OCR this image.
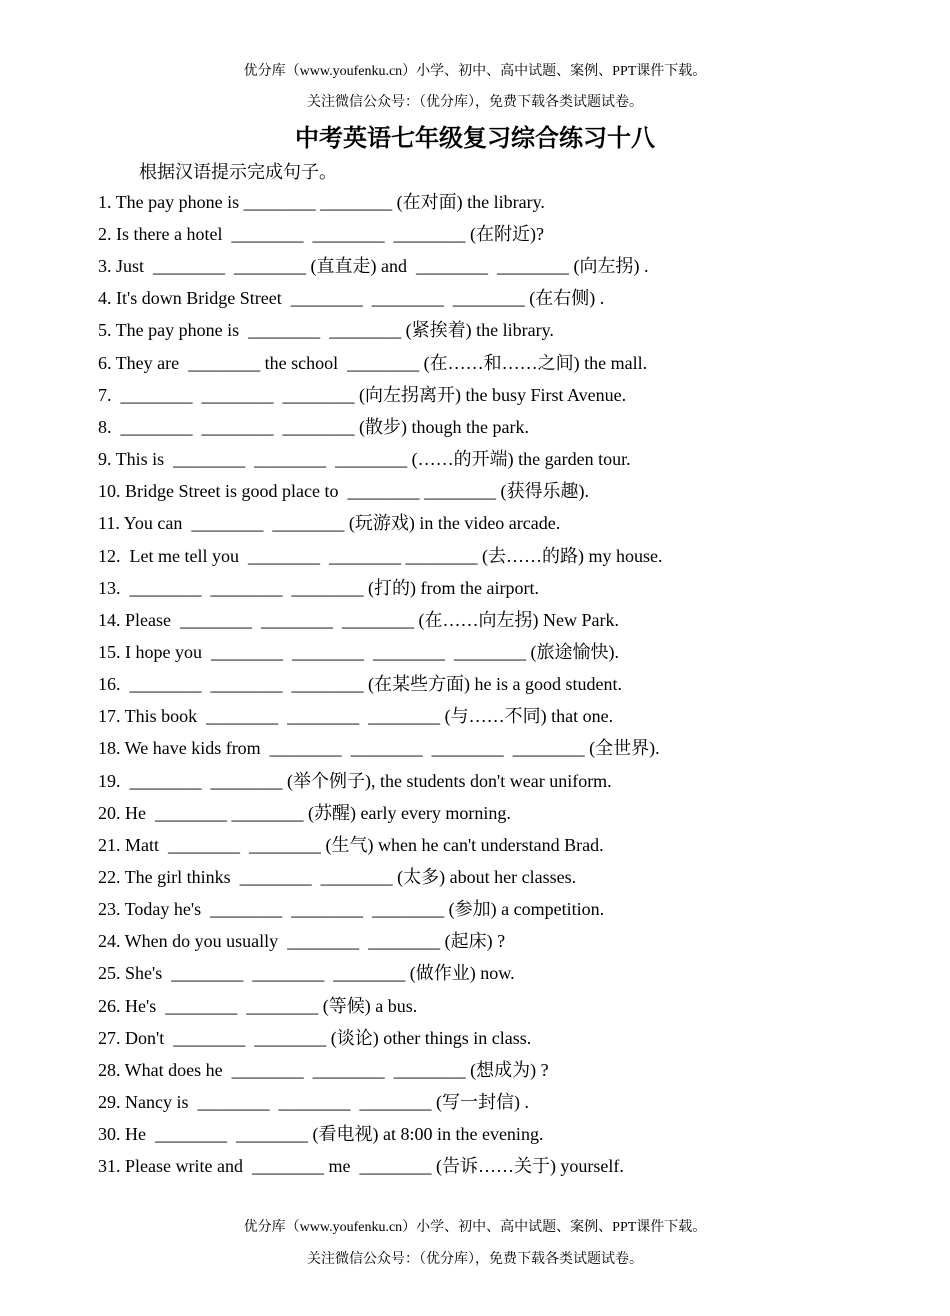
优分库（www.youfenku.cn）小学、初中、高中试题、案例、PPT课件下载。
关注微信公众号：（优分库），免费下载各类试题试卷。
中考英语七年级复习综合练习十八
根据汉语提示完成句子。
1. The pay phone is ________ ________ (在对面) the library.
2. Is there a hotel  ________  ________  ________ (在附近)?
3. Just  ________  ________ (直直走) and  ________  ________ (向左拐) .
4. It's down Bridge Street  ________  ________  ________ (在右侧) .
5. The pay phone is  ________  ________ (紧挨着) the library.
6. They are  ________ the school  ________ (在……和……之间) the mall.
7.  ________  ________  ________ (向左拐离开) the busy First Avenue.
8.  ________  ________  ________ (散步) though the park.
9. This is  ________  ________  ________ (……的开端) the garden tour.
10. Bridge Street is good place to  ________ ________ (获得乐趣).
11. You can  ________  ________ (玩游戏) in the video arcade.
12.  Let me tell you  ________  ________ ________ (去……的路) my house.
13.  ________  ________  ________ (打的) from the airport.
14. Please  ________  ________  ________ (在……向左拐) New Park.
15. I hope you  ________  ________  ________  ________ (旅途愉快).
16.  ________  ________  ________ (在某些方面) he is a good student.
17. This book  ________  ________  ________ (与……不同) that one.
18. We have kids from  ________  ________  ________  ________ (全世界).
19.  ________  ________ (举个例子), the students don't wear uniform.
20. He  ________ ________ (苏醒) early every morning.
21. Matt  ________  ________ (生气) when he can't understand Brad.
22. The girl thinks  ________  ________ (太多) about her classes.
23. Today he's  ________  ________  ________ (参加) a competition.
24. When do you usually  ________  ________ (起床) ?
25. She's  ________  ________  ________ (做作业) now.
26. He's  ________  ________ (等候) a bus.
27. Don't  ________  ________ (谈论) other things in class.
28. What does he  ________  ________  ________ (想成为) ?
29. Nancy is  ________  ________  ________ (写一封信) .
30. He  ________  ________ (看电视) at 8:00 in the evening.
31. Please write and  ________ me  ________ (告诉……关于) yourself.
优分库（www.youfenku.cn）小学、初中、高中试题、案例、PPT课件下载。
关注微信公众号：（优分库），免费下载各类试题试卷。
